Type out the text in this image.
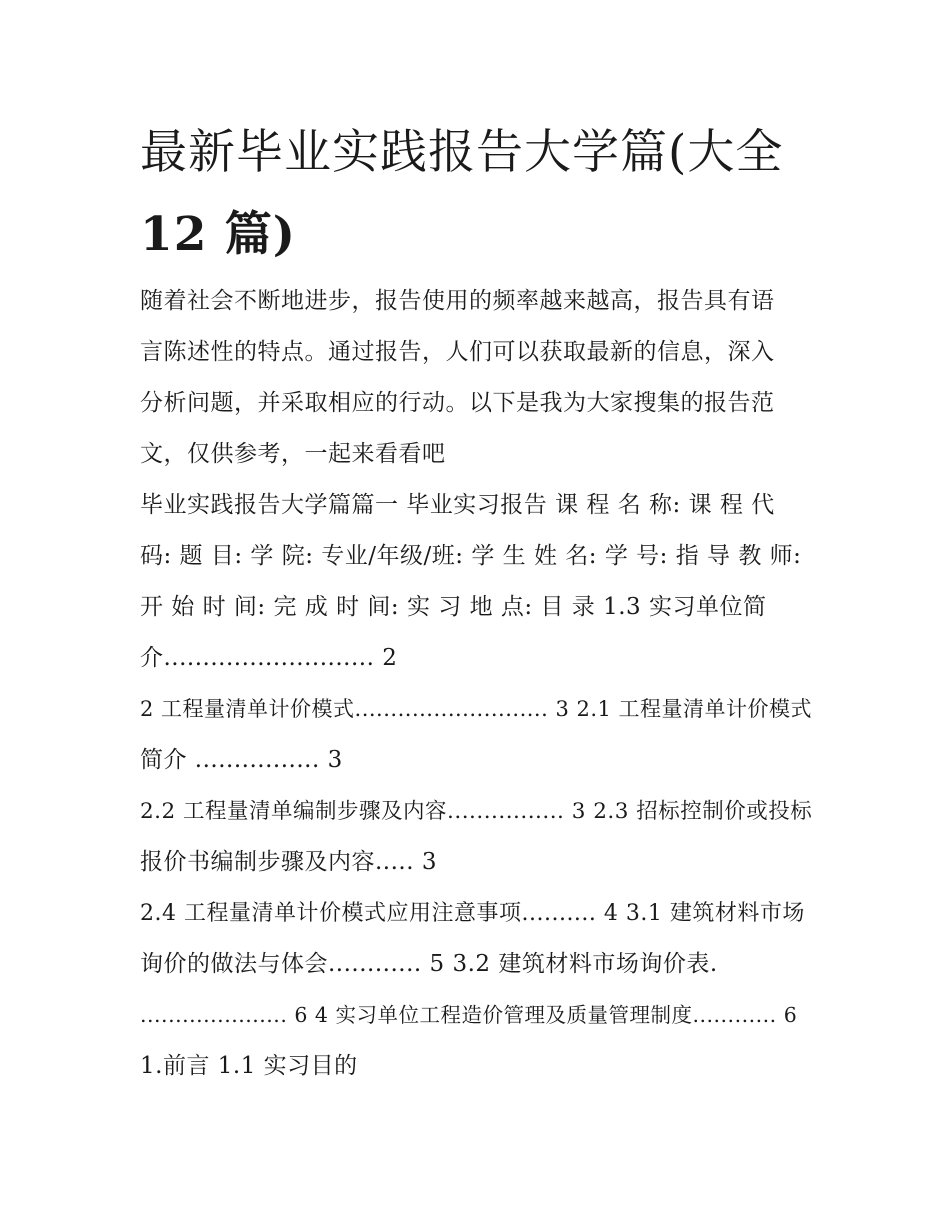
最新毕业实践报告大学篇(大全
12 篇)

随着社会不断地进步，报告使用的频率越来越高，报告具有语
言陈述性的特点。通过报告，人们可以获取最新的信息，深入
分析问题，并采取相应的行动。以下是我为大家搜集的报告范
文，仅供参考，一起来看看吧

毕业实践报告大学篇篇一 毕业实习报告 课 程 名 称: 课 程 代
码: 题 目: 学 院: 专业/年级/班: 学 生 姓 名: 学 号: 指 导 教 师:
开 始 时 间: 完 成 时 间: 实 习 地 点: 目 录 1.3 实习单位简
介........................... 2
2 工程量清单计价模式........................... 3 2.1 工程量清单计价模式
简介 ................ 3
2.2 工程量清单编制步骤及内容................ 3 2.3 招标控制价或投标
报价书编制步骤及内容..... 3
2.4 工程量清单计价模式应用注意事项.......... 4 3.1 建筑材料市场
询价的做法与体会............ 5 3.2 建筑材料市场询价表.
..................... 6 4 实习单位工程造价管理及质量管理制度............ 6
1.前言 1.1 实习目的
